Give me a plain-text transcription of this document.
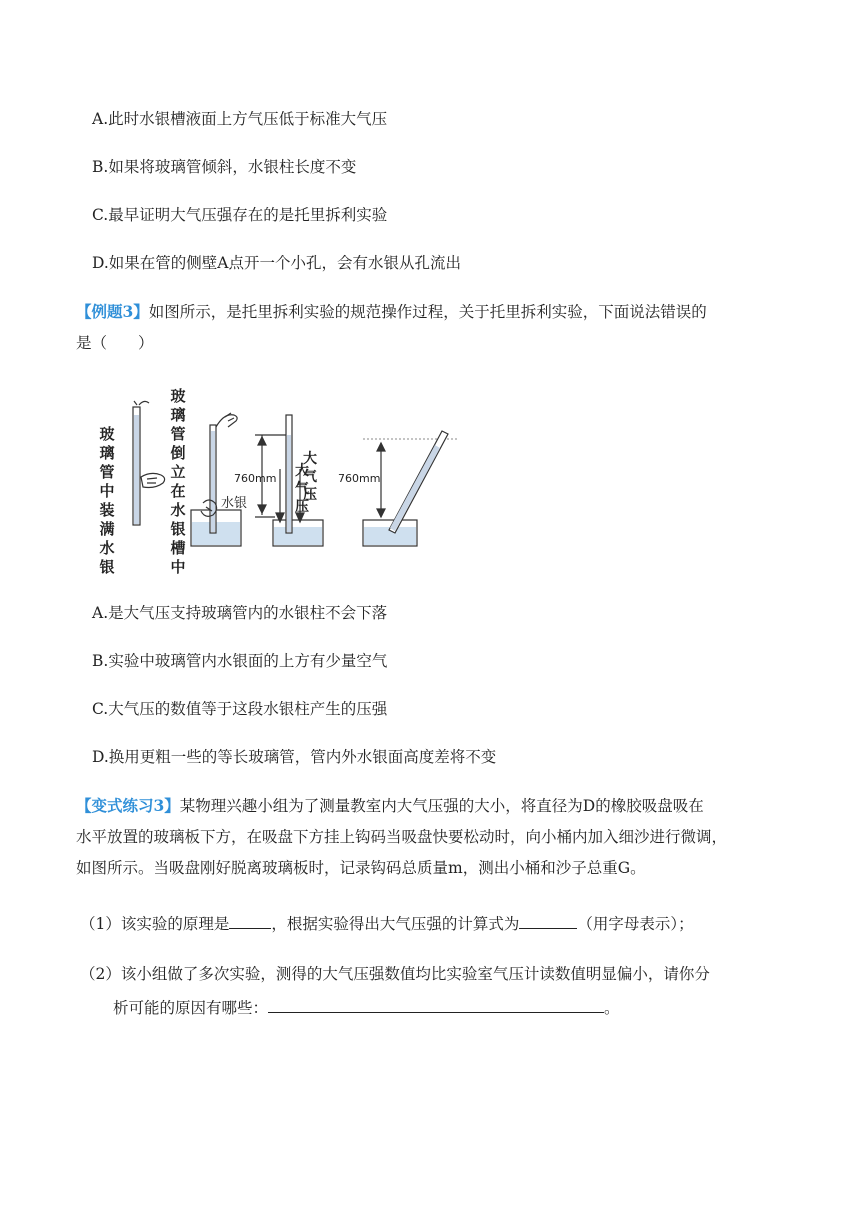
A.此时水银槽液面上方气压低于标准大气压
B.如果将玻璃管倾斜，水银柱长度不变
C.最早证明大气压强存在的是托里拆利实验
D.如果在管的侧壁A点开一个小孔，会有水银从孔流出
【例题3】如图所示，是托里拆利实验的规范操作过程，关于托里拆利实验，下面说法错误的
是（　　）
玻璃管中装满水银
玻璃管倒立在水银槽中
水银
760mm	760mm
大气压
大气压
A.是大气压支持玻璃管内的水银柱不会下落
B.实验中玻璃管内水银面的上方有少量空气
C.大气压的数值等于这段水银柱产生的压强
D.换用更粗一些的等长玻璃管，管内外水银面高度差将不变
【变式练习3】某物理兴趣小组为了测量教室内大气压强的大小，将直径为D的橡胶吸盘吸在
水平放置的玻璃板下方，在吸盘下方挂上钩码当吸盘快要松动时，向小桶内加入细沙进行微调，
如图所示。当吸盘刚好脱离玻璃板时，记录钩码总质量m，测出小桶和沙子总重G。
（1）该实验的原理是	，根据实验得出大气压强的计算式为	（用字母表示）；
（2）该小组做了多次实验，测得的大气压强数值均比实验室气压计读数值明显偏小，请你分
析可能的原因有哪些：	。
